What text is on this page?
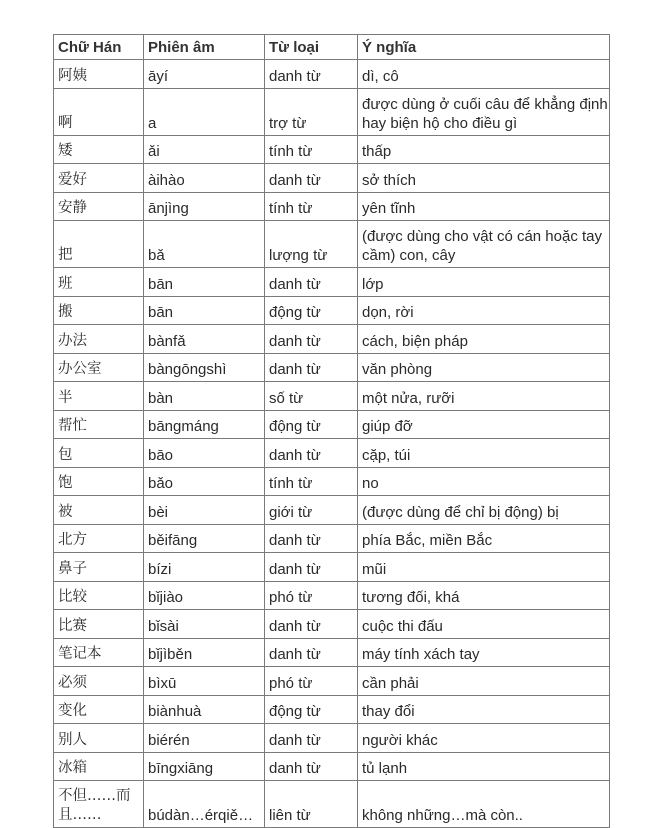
Chữ Hán	Phiên âm	Từ loại	Ý nghĩa
阿姨	āyí	danh từ	dì, cô
啊	a	trợ từ	được dùng ở cuối câu để khẳng định hay biện hộ cho điều gì
矮	ǎi	tính từ	thấp
爱好	àihào	danh từ	sở thích
安静	ānjìng	tính từ	yên tĩnh
把	bǎ	lượng từ	(được dùng cho vật có cán hoặc tay cầm) con, cây
班	bān	danh từ	lớp
搬	bān	động từ	dọn, rời
办法	bànfǎ	danh từ	cách, biện pháp
办公室	bàngōngshì	danh từ	văn phòng
半	bàn	số từ	một nửa, rưỡi
帮忙	bāngmáng	động từ	giúp đỡ
包	bāo	danh từ	cặp, túi
饱	bǎo	tính từ	no
被	bèi	giới từ	(được dùng để chỉ bị động) bị
北方	běifāng	danh từ	phía Bắc, miền Bắc
鼻子	bízi	danh từ	mũi
比较	bǐjiào	phó từ	tương đối, khá
比赛	bǐsài	danh từ	cuộc thi đấu
笔记本	bǐjìběn	danh từ	máy tính xách tay
必须	bìxū	phó từ	cần phải
变化	biànhuà	động từ	thay đổi
别人	biérén	danh từ	người khác
冰箱	bīngxiāng	danh từ	tủ lạnh
不但……而且……	búdàn…érqiě…	liên từ	không những…mà còn..
